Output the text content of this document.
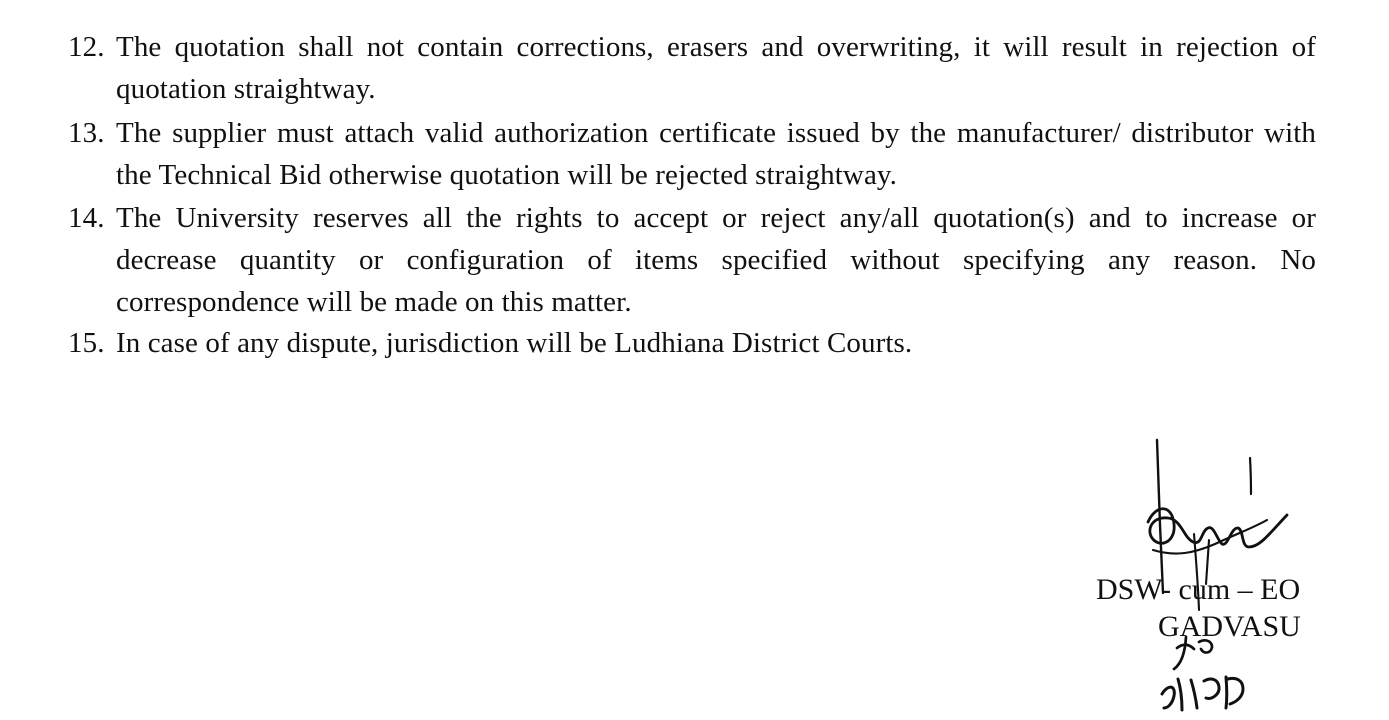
12. The quotation shall not contain corrections, erasers and overwriting, it will result in rejection of quotation straightway.
13. The supplier must attach valid authorization certificate issued by the manufacturer/ distributor with the Technical Bid otherwise quotation will be rejected straightway.
14. The University reserves all the rights to accept or reject any/all quotation(s) and to increase or decrease quantity or configuration of items specified without specifying any reason. No correspondence will be made on this matter.
15. In case of any dispute, jurisdiction will be Ludhiana District Courts.
DSW- cum – EO
GADVASU
